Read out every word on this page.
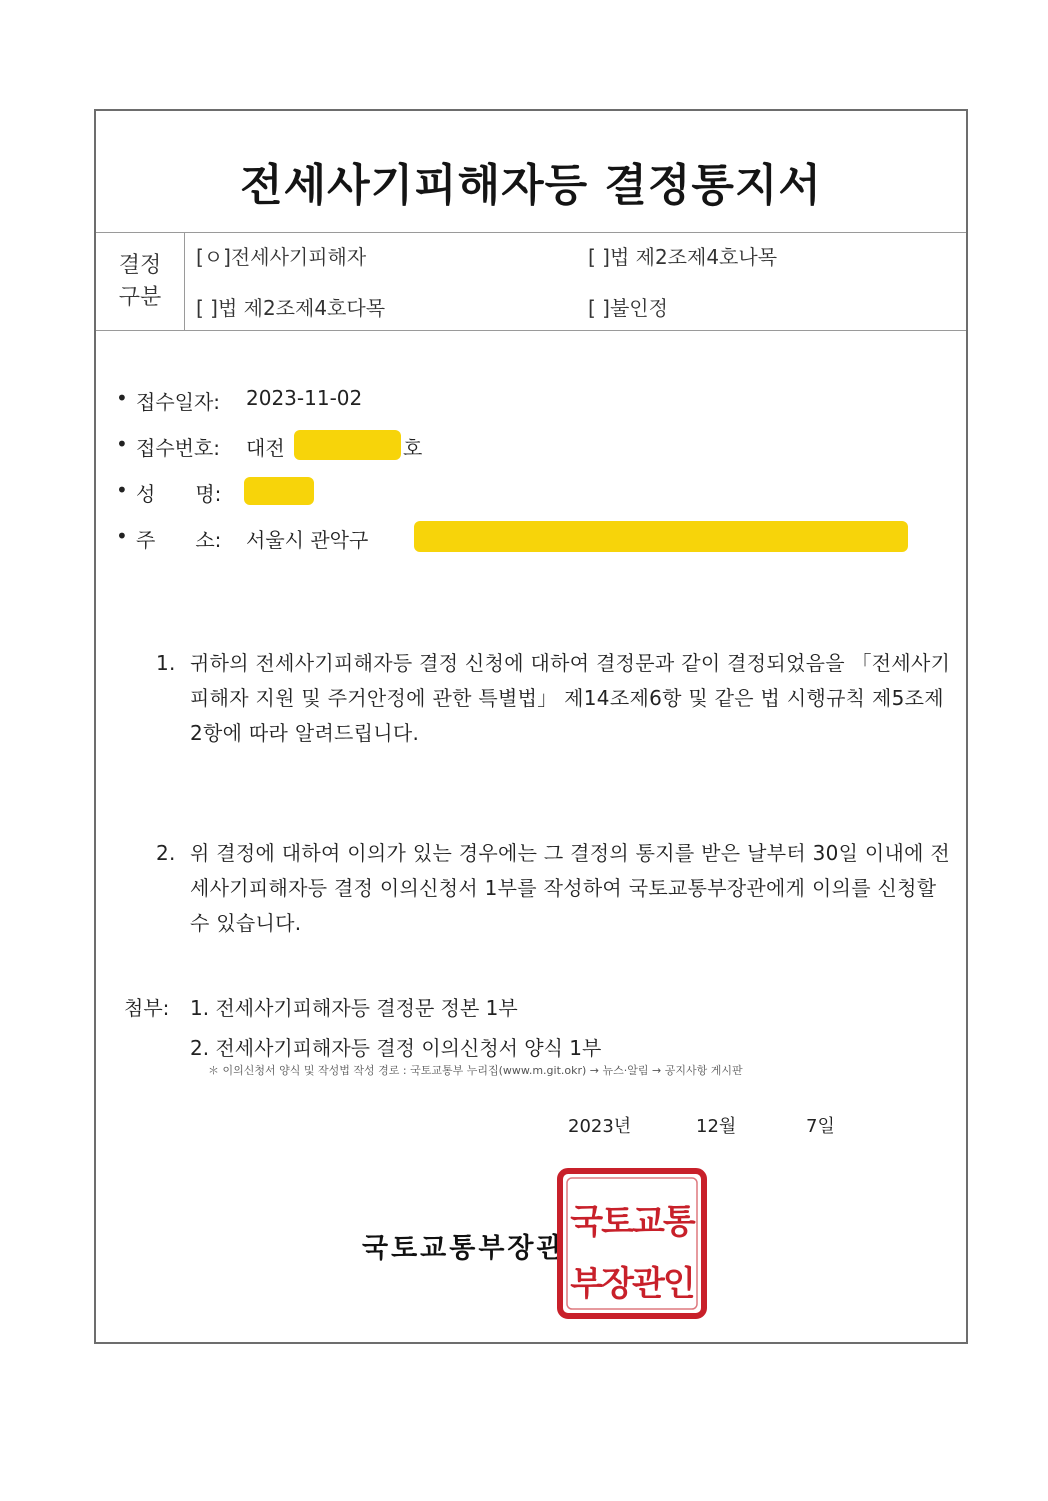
전세사기피해자등 결정통지서
결정
구분
[ㅇ]전세사기피해자	[ ]법 제2조제4호나목
[ ]법 제2조제4호다목	[ ]불인정
• 접수일자: 2023-11-02
• 접수번호: 대전	호
• 성　　명:
• 주　　소: 서울시 관악구
1. 귀하의 전세사기피해자등 결정 신청에 대하여 결정문과 같이 결정되었음을 「전세사기피해자 지원 및 주거안정에 관한 특별법」 제14조제6항 및 같은 법 시행규칙 제5조제2항에 따라 알려드립니다.
2. 위 결정에 대하여 이의가 있는 경우에는 그 결정의 통지를 받은 날부터 30일 이내에 전세사기피해자등 결정 이의신청서 1부를 작성하여 국토교통부장관에게 이의를 신청할 수 있습니다.
첨부: 1. 전세사기피해자등 결정문 정본 1부
2. 전세사기피해자등 결정 이의신청서 양식 1부
＊ 이의신청서 양식 및 작성법 작성 경로 : 국토교통부 누리집(www.m.git.okr) → 뉴스·알림 → 공지사항 게시판
2023년	12월	7일
국토교통부장관
국토교통
부장관인
